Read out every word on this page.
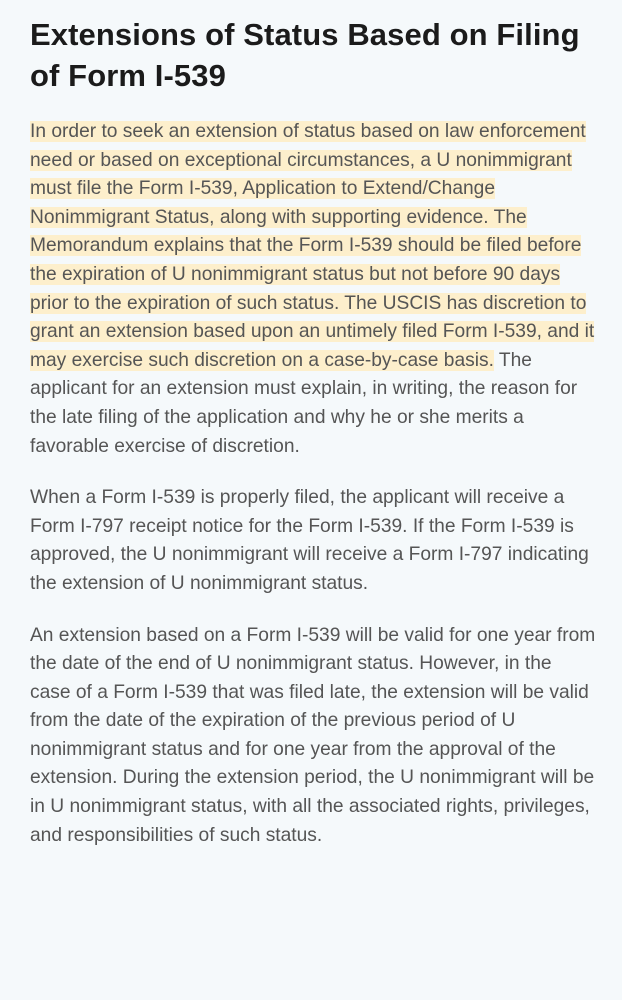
Extensions of Status Based on Filing of Form I-539

In order to seek an extension of status based on law enforcement need or based on exceptional circumstances, a U nonimmigrant must file the Form I-539, Application to Extend/Change Nonimmigrant Status, along with supporting evidence. The Memorandum explains that the Form I-539 should be filed before the expiration of U nonimmigrant status but not before 90 days prior to the expiration of such status. The USCIS has discretion to grant an extension based upon an untimely filed Form I-539, and it may exercise such discretion on a case-by-case basis. The applicant for an extension must explain, in writing, the reason for the late filing of the application and why he or she merits a favorable exercise of discretion.

When a Form I-539 is properly filed, the applicant will receive a Form I-797 receipt notice for the Form I-539. If the Form I-539 is approved, the U nonimmigrant will receive a Form I-797 indicating the extension of U nonimmigrant status.

An extension based on a Form I-539 will be valid for one year from the date of the end of U nonimmigrant status. However, in the case of a Form I-539 that was filed late, the extension will be valid from the date of the expiration of the previous period of U nonimmigrant status and for one year from the approval of the extension. During the extension period, the U nonimmigrant will be in U nonimmigrant status, with all the associated rights, privileges, and responsibilities of such status.
